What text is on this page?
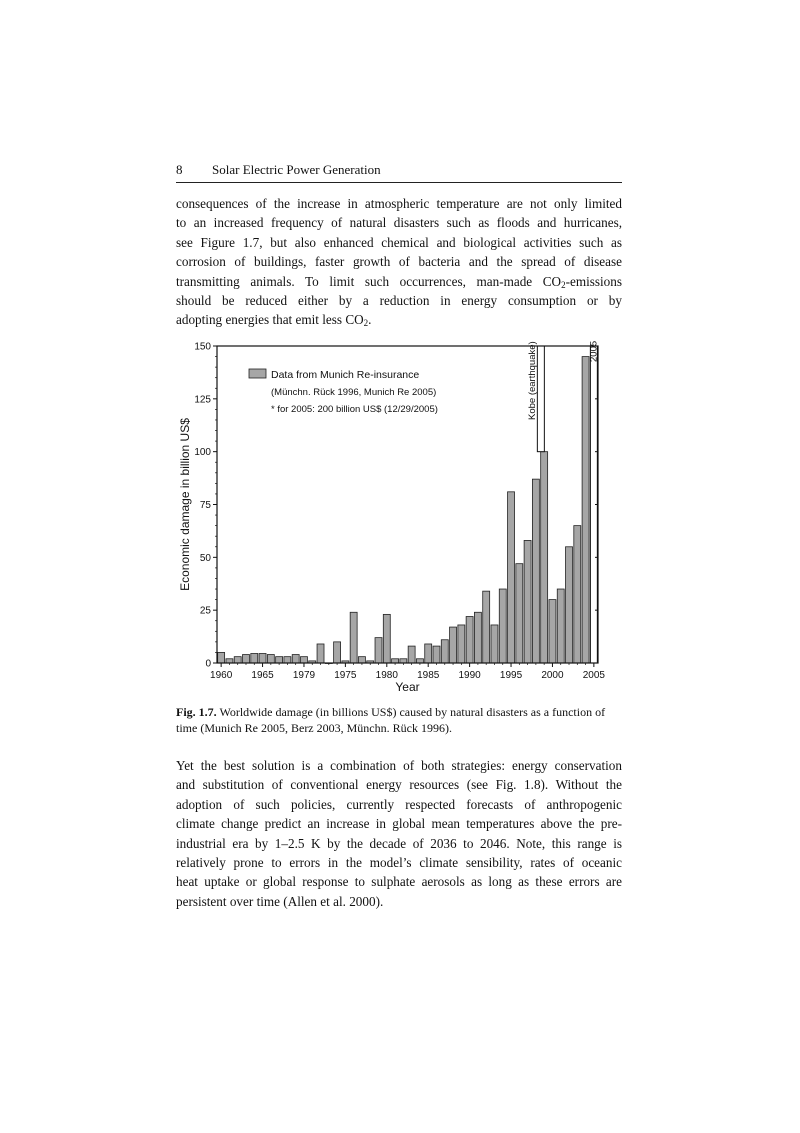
8 Solar Electric Power Generation
consequences of the increase in atmospheric temperature are not only limited
to an increased frequency of natural disasters such as floods and hurricanes,
see Figure 1.7, but also enhanced chemical and biological activities such as
corrosion of buildings, faster growth of bacteria and the spread of disease
transmitting animals. To limit such occurrences, man-made $CO_2$-emissions
should be reduced either by a reduction in energy consumption or by
adopting energies that emit less $CO_2$.
Kobe (earthquake)	2005
0
25
50
75
100
125
150
1960 1965 1979 1975 1980 1985 1990 1995 2000 2005
Year
Economic damage in billion US$
Data from Munich Re-insurance
(Münchn. Rück 1996, Munich Re 2005)
* for 2005: 200 billion US$ (12/29/2005)
Fig. 1.7. Worldwide damage (in billions US$) caused by natural disasters as a function of time (Munich Re 2005, Berz 2003, Münchn. Rück 1996).
Yet the best solution is a combination of both strategies: energy conservation
and substitution of conventional energy resources (see Fig. 1.8). Without the
adoption of such policies, currently respected forecasts of anthropogenic
climate change predict an increase in global mean temperatures above the pre-
industrial era by 1–2.5 K by the decade of 2036 to 2046. Note, this range is
relatively prone to errors in the model’s climate sensibility, rates of oceanic
heat uptake or global response to sulphate aerosols as long as these errors are
persistent over time (Allen et al. 2000).
